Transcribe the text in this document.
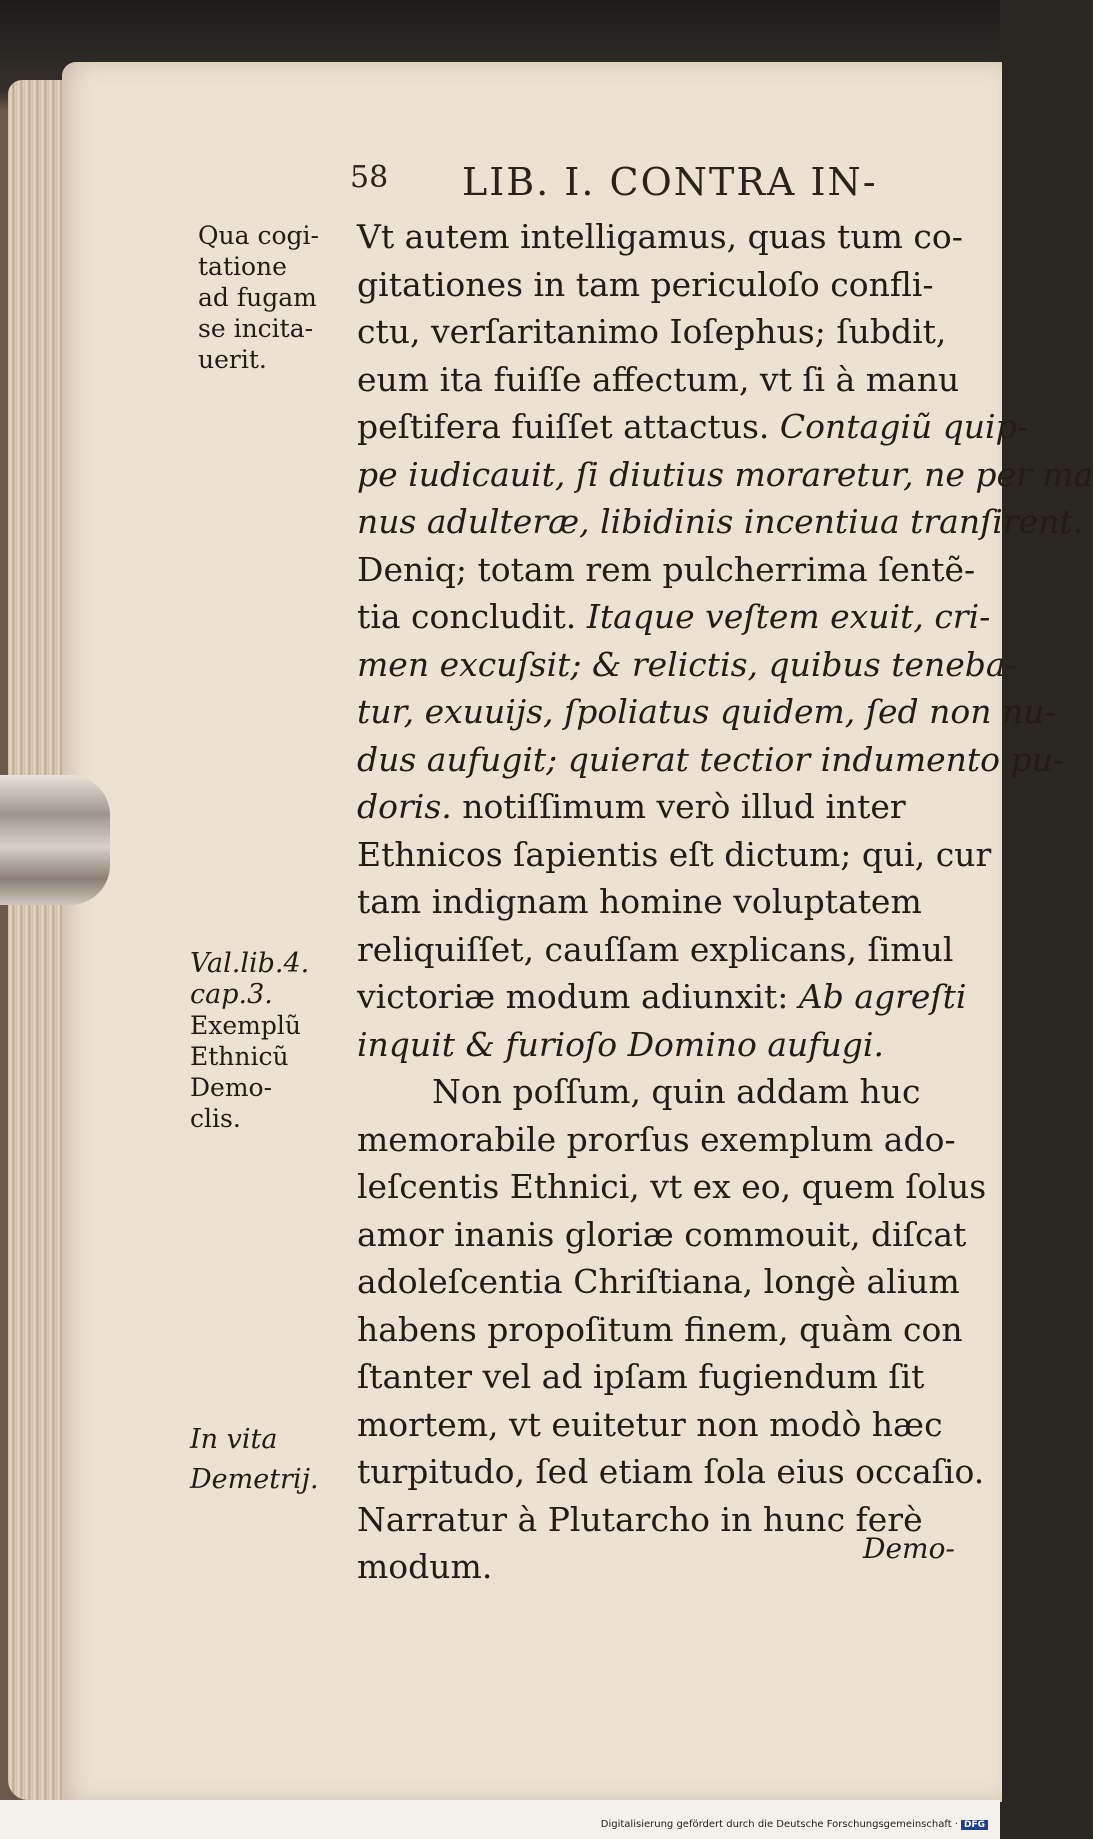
58 LIB. I. CONTRA IN-
Qua cogi-
tatione
ad fugam
se incita-
uerit.
Val.lib.4.
cap.3.
Exemplũ
Ethnicũ
Demo-
clis.
In vita
Demetrij.
Vt autem intelligamus, quas tum co-
gitationes in tam periculoſo confli-
ctu, verſaritanimo Ioſephus; ſubdit,
eum ita fuiſſe affectum, vt ſi à manu
peſtifera fuiſſet attactus. Contagiũ quip-
pe iudicauit, ſi diutius moraretur, ne per ma
nus adulteræ, libidinis incentiua tranſirent.
Deniq; totam rem pulcherrima ſentẽ-
tia concludit. Itaque veſtem exuit, cri-
men excuſsit; & relictis, quibus teneba-
tur, exuuijs, ſpoliatus quidem, ſed non nu-
dus aufugit; quierat tectior indumento pu-
doris. notiſſimum verò illud inter
Ethnicos ſapientis eſt dictum; qui, cur
tam indignam homine voluptatem
reliquiſſet, cauſſam explicans, ſimul
victoriæ modum adiunxit: Ab agreſti
inquit & furioſo Domino aufugi.
Non poſſum, quin addam huc
memorabile prorſus exemplum ado-
leſcentis Ethnici, vt ex eo, quem ſolus
amor inanis gloriæ commouit, diſcat
adoleſcentia Chriſtiana, longè alium
habens propoſitum finem, quàm con
ſtanter vel ad ipſam fugiendum ſit
mortem, vt euitetur non modò hæc
turpitudo, ſed etiam ſola eius occaſio.
Narratur à Plutarcho in hunc ferè
modum.	Demo-
Digitalisierung gefördert durch die Deutsche Forschungsgemeinschaft · DFG
